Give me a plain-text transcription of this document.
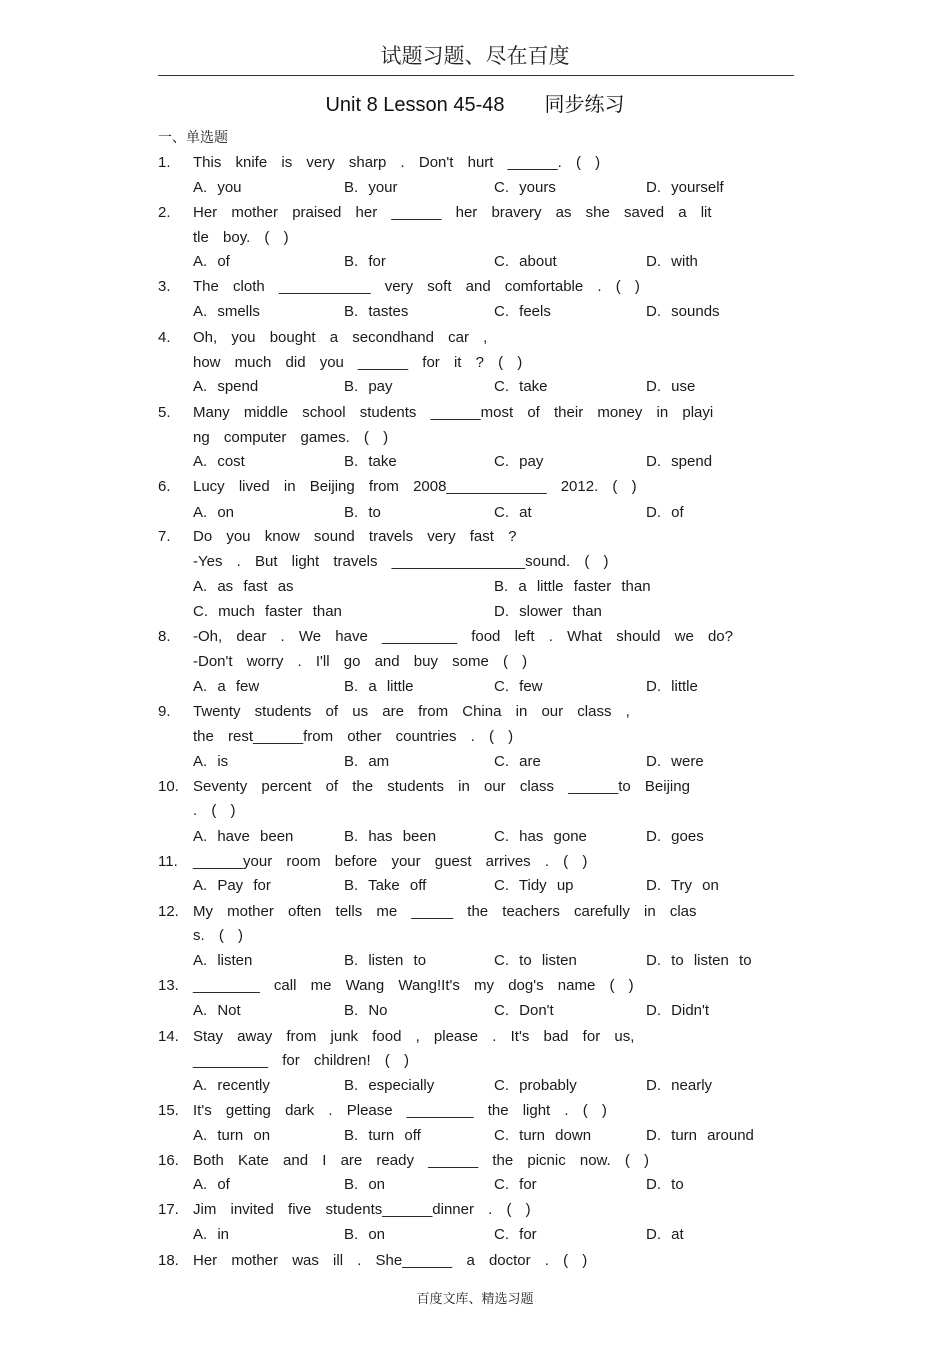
试题习题、尽在百度
Unit 8 Lesson 45-48 同步练习
一、单选题
1.	This knife is very sharp . Don't hurt ______. ( )
A. you	B. your	C. yours	D. yourself
2.	Her mother praised her ______ her bravery as she saved a lit
tle boy. ( )
A. of	B. for	C. about	D. with
3.	The cloth ___________ very soft and comfortable . ( )
A. smells	B. tastes	C. feels	D. sounds
4.	Oh, you bought a secondhand car ,
how much did you ______ for it ? ( )
A. spend	B. pay	C. take	D. use
5.	Many middle school students ______most of their money in playi
ng computer games. ( )
A. cost	B. take	C. pay	D. spend
6.	Lucy lived in Beijing from 2008____________ 2012. ( )
A. on	B. to	C. at	D. of
7.	Do you know sound travels very fast ?
-Yes . But light travels ________________sound. ( )
A. as fast as	B. a little faster than
C. much faster than	D. slower than
8.	-Oh, dear . We have _________ food left . What should we do?
-Don't worry . I'll go and buy some ( )
A. a few	B. a little	C. few	D. little
9.	Twenty students of us are from China in our class ,
the rest______from other countries . ( )
A. is	B. am	C. are	D. were
10. Seventy percent of the students in our class ______to Beijing
. ( )
A. have been	B. has been	C. has gone	D. goes
11.	______your room before your guest arrives . ( )
A. Pay for	B. Take off	C. Tidy up	D. Try on
12. My mother often tells me _____ the teachers carefully in clas
s. ( )
A. listen	B. listen to	C. to listen	D. to listen to
13. ________ call me Wang Wang!It's my dog's name ( )
A. Not	B. No	C. Don't	D. Didn't
14. Stay away from junk food , please . It's bad for us,
_________ for children! ( )
A. recently	B. especially	C. probably	D. nearly
15. It's getting dark . Please ________ the light . ( )
A. turn on	B. turn off	C. turn down	D. turn around
16. Both Kate and I are ready ______ the picnic now. ( )
A. of	B. on	C. for	D. to
17. Jim invited five students______dinner . ( )
A. in	B. on	C. for	D. at
18. Her mother was ill . She______ a doctor . ( )
百度文库、精选习题
